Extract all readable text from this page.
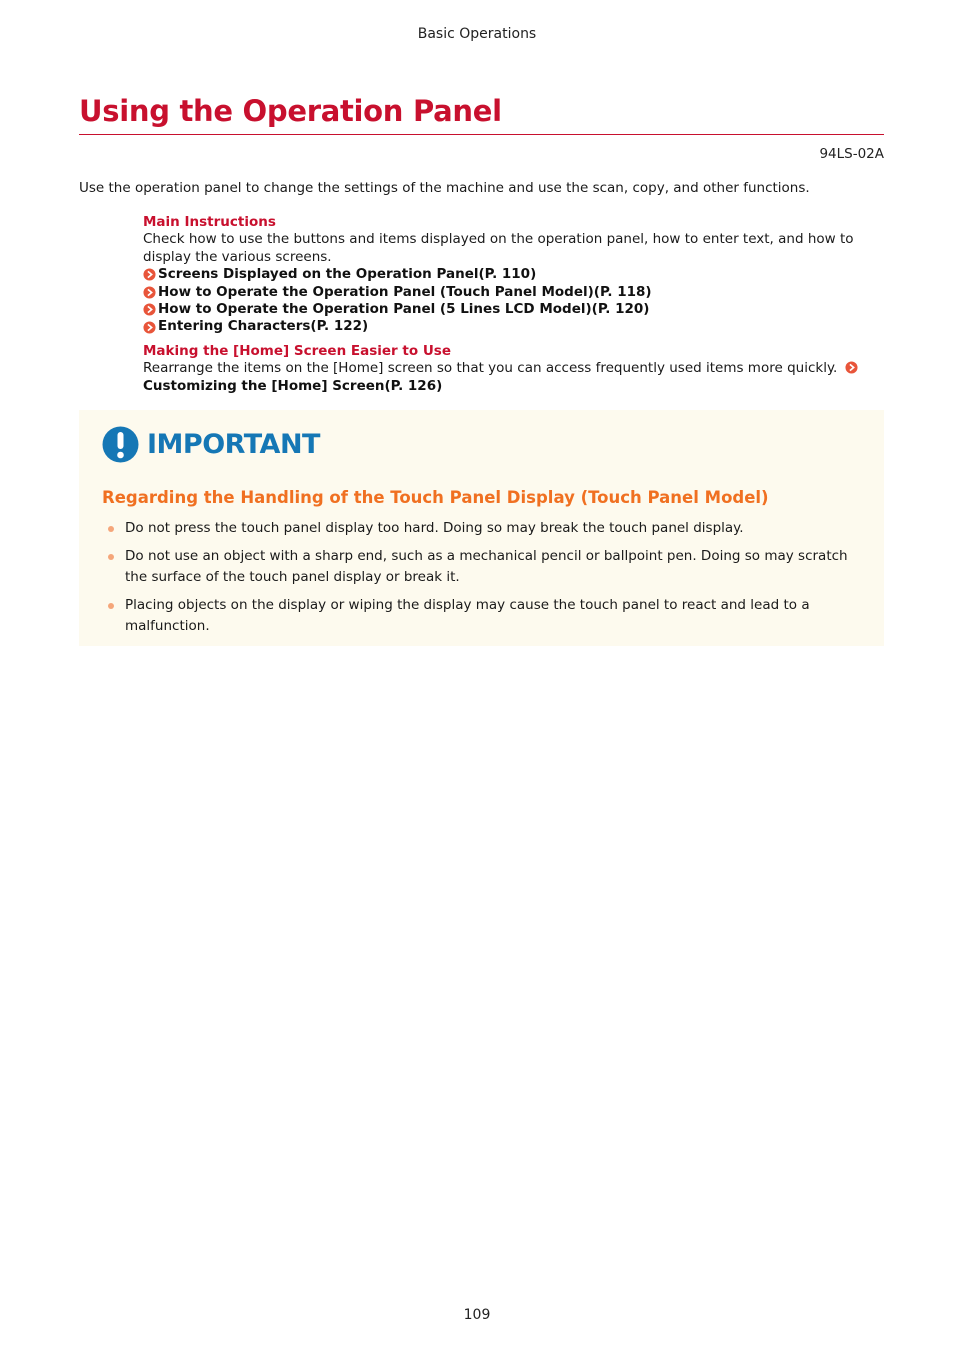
Basic Operations
Using the Operation Panel
94LS-02A
Use the operation panel to change the settings of the machine and use the scan, copy, and other functions.
Main Instructions
Check how to use the buttons and items displayed on the operation panel, how to enter text, and how to
display the various screens.
Screens Displayed on the Operation Panel(P. 110)
How to Operate the Operation Panel (Touch Panel Model)(P. 118)
How to Operate the Operation Panel (5 Lines LCD Model)(P. 120)
Entering Characters(P. 122)
Making the [Home] Screen Easier to Use
Rearrange the items on the [Home] screen so that you can access frequently used items more quickly.
Customizing the [Home] Screen(P. 126)
IMPORTANT
Regarding the Handling of the Touch Panel Display (Touch Panel Model)
Do not press the touch panel display too hard. Doing so may break the touch panel display.
Do not use an object with a sharp end, such as a mechanical pencil or ballpoint pen. Doing so may scratch the surface of the touch panel display or break it.
Placing objects on the display or wiping the display may cause the touch panel to react and lead to a malfunction.
109
